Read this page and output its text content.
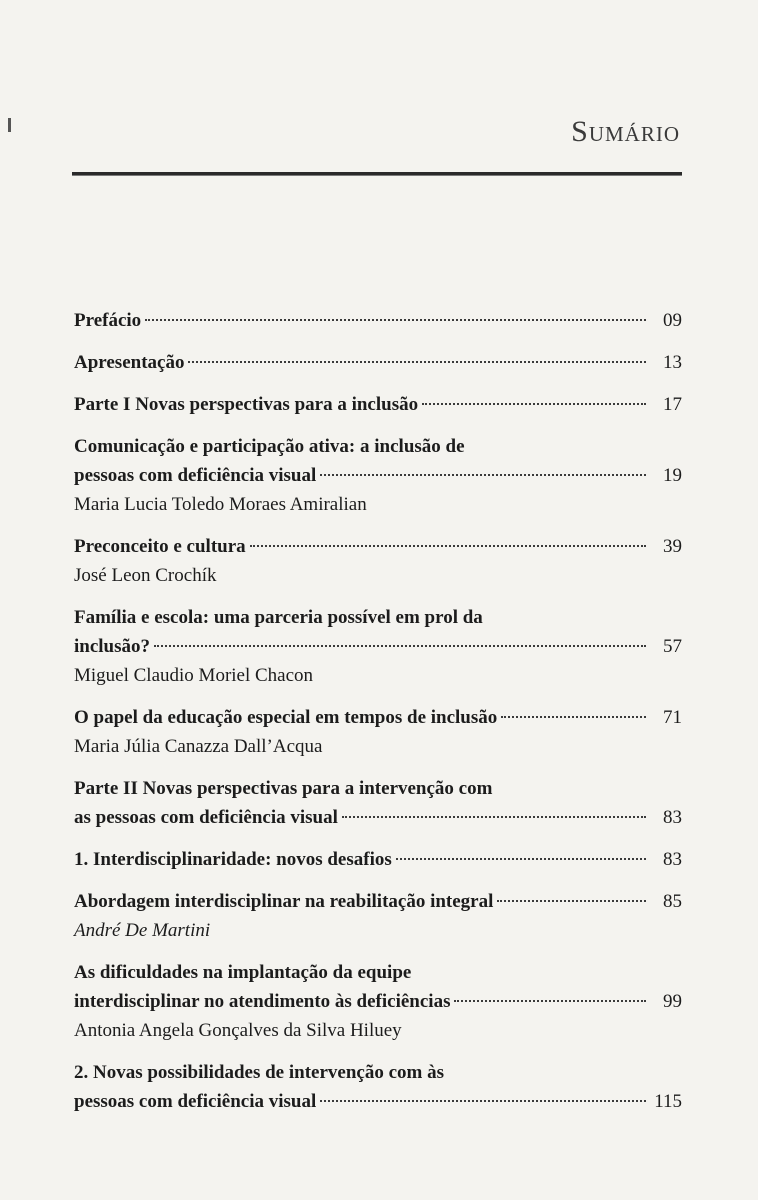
Sumário
Prefácio	09
Apresentação	13
Parte I Novas perspectivas para a inclusão	17
Comunicação e participação ativa: a inclusão de
pessoas com deficiência visual	19
Maria Lucia Toledo Moraes Amiralian
Preconceito e cultura	39
José Leon Crochík
Família e escola: uma parceria possível em prol da
inclusão?	57
Miguel Claudio Moriel Chacon
O papel da educação especial em tempos de inclusão	71
Maria Júlia Canazza Dall’Acqua
Parte II Novas perspectivas para a intervenção com
as pessoas com deficiência visual	83
1. Interdisciplinaridade: novos desafios	83
Abordagem interdisciplinar na reabilitação integral	85
André De Martini
As dificuldades na implantação da equipe
interdisciplinar no atendimento às deficiências	99
Antonia Angela Gonçalves da Silva Hiluey
2. Novas possibilidades de intervenção com às
pessoas com deficiência visual	115
